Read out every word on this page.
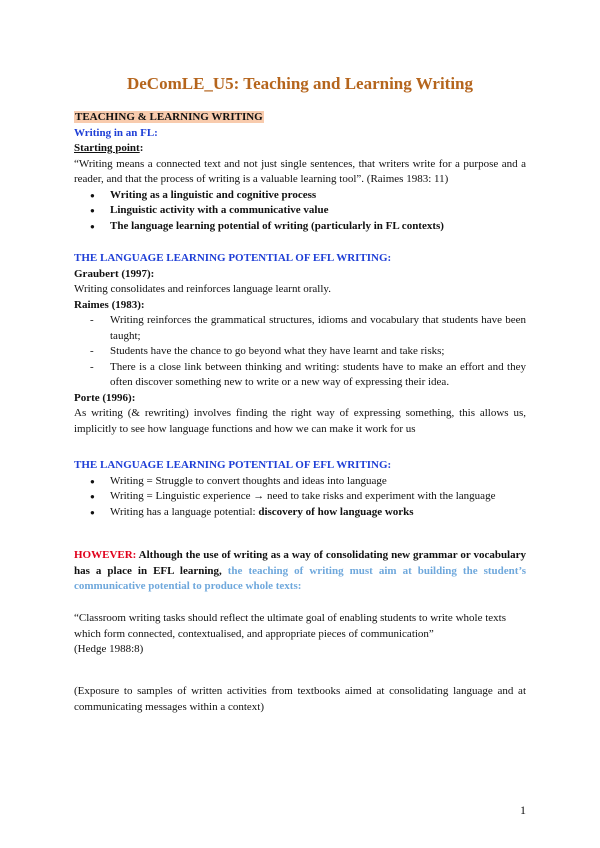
DeComLE_U5: Teaching and Learning Writing
TEACHING & LEARNING WRITING
Writing in an FL:
Starting point:
“Writing means a connected text and not just single sentences, that writers write for a purpose and a reader, and that the process of writing is a valuable learning tool”. (Raimes 1983: 11)
● Writing as a linguistic and cognitive process
● Linguistic activity with a communicative value
● The language learning potential of writing (particularly in FL contexts)
THE LANGUAGE LEARNING POTENTIAL OF EFL WRITING:
Graubert (1997):
Writing consolidates and reinforces language learnt orally.
Raimes (1983):
- Writing reinforces the grammatical structures, idioms and vocabulary that students have been taught;
- Students have the chance to go beyond what they have learnt and take risks;
- There is a close link between thinking and writing: students have to make an effort and they often discover something new to write or a new way of expressing their idea.
Porte (1996):
As writing (& rewriting) involves finding the right way of expressing something, this allows us, implicitly to see how language functions and how we can make it work for us
THE LANGUAGE LEARNING POTENTIAL OF EFL WRITING:
● Writing = Struggle to convert thoughts and ideas into language
● Writing = Linguistic experience → need to take risks and experiment with the language
● Writing has a language potential: discovery of how language works
HOWEVER: Although the use of writing as a way of consolidating new grammar or vocabulary has a place in EFL learning, the teaching of writing must aim at building the student’s communicative potential to produce whole texts:
“Classroom writing tasks should reflect the ultimate goal of enabling students to write whole texts which form connected, contextualised, and appropriate pieces of communication”
(Hedge 1988:8)
(Exposure to samples of written activities from textbooks aimed at consolidating language and at communicating messages within a context)
1
